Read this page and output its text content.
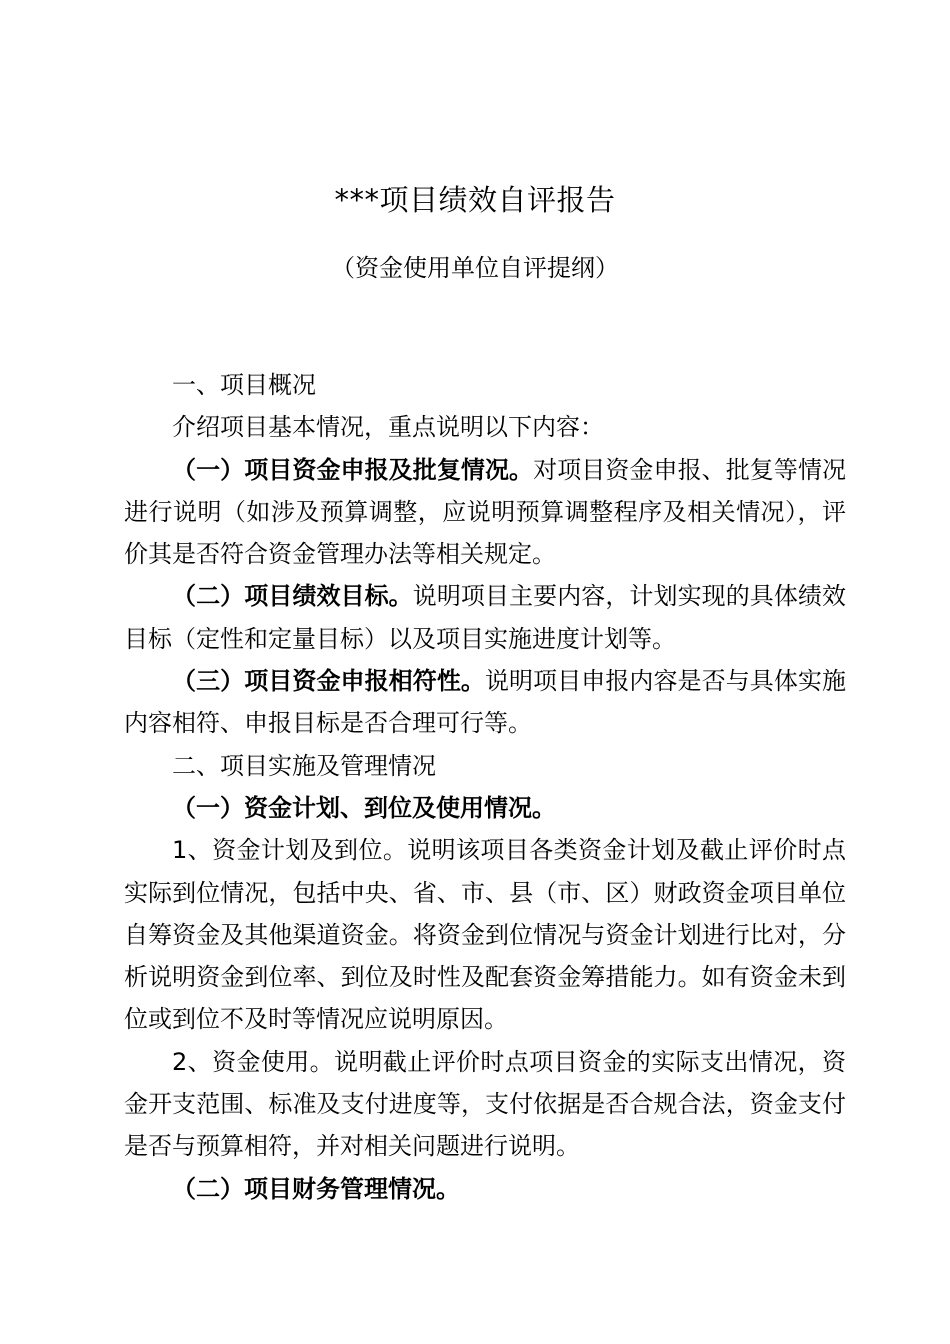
***项目绩效自评报告
（资金使用单位自评提纲）

一、项目概况

介绍项目基本情况，重点说明以下内容：

（一）项目资金申报及批复情况。对项目资金申报、批复等情况进行说明（如涉及预算调整，应说明预算调整程序及相关情况），评价其是否符合资金管理办法等相关规定。

（二）项目绩效目标。说明项目主要内容，计划实现的具体绩效目标（定性和定量目标）以及项目实施进度计划等。

（三）项目资金申报相符性。说明项目申报内容是否与具体实施内容相符、申报目标是否合理可行等。

二、项目实施及管理情况

（一）资金计划、到位及使用情况。

1、资金计划及到位。说明该项目各类资金计划及截止评价时点实际到位情况，包括中央、省、市、县（市、区）财政资金项目单位自筹资金及其他渠道资金。将资金到位情况与资金计划进行比对，分析说明资金到位率、到位及时性及配套资金筹措能力。如有资金未到位或到位不及时等情况应说明原因。

2、资金使用。说明截止评价时点项目资金的实际支出情况，资金开支范围、标准及支付进度等，支付依据是否合规合法，资金支付是否与预算相符，并对相关问题进行说明。

（二）项目财务管理情况。
